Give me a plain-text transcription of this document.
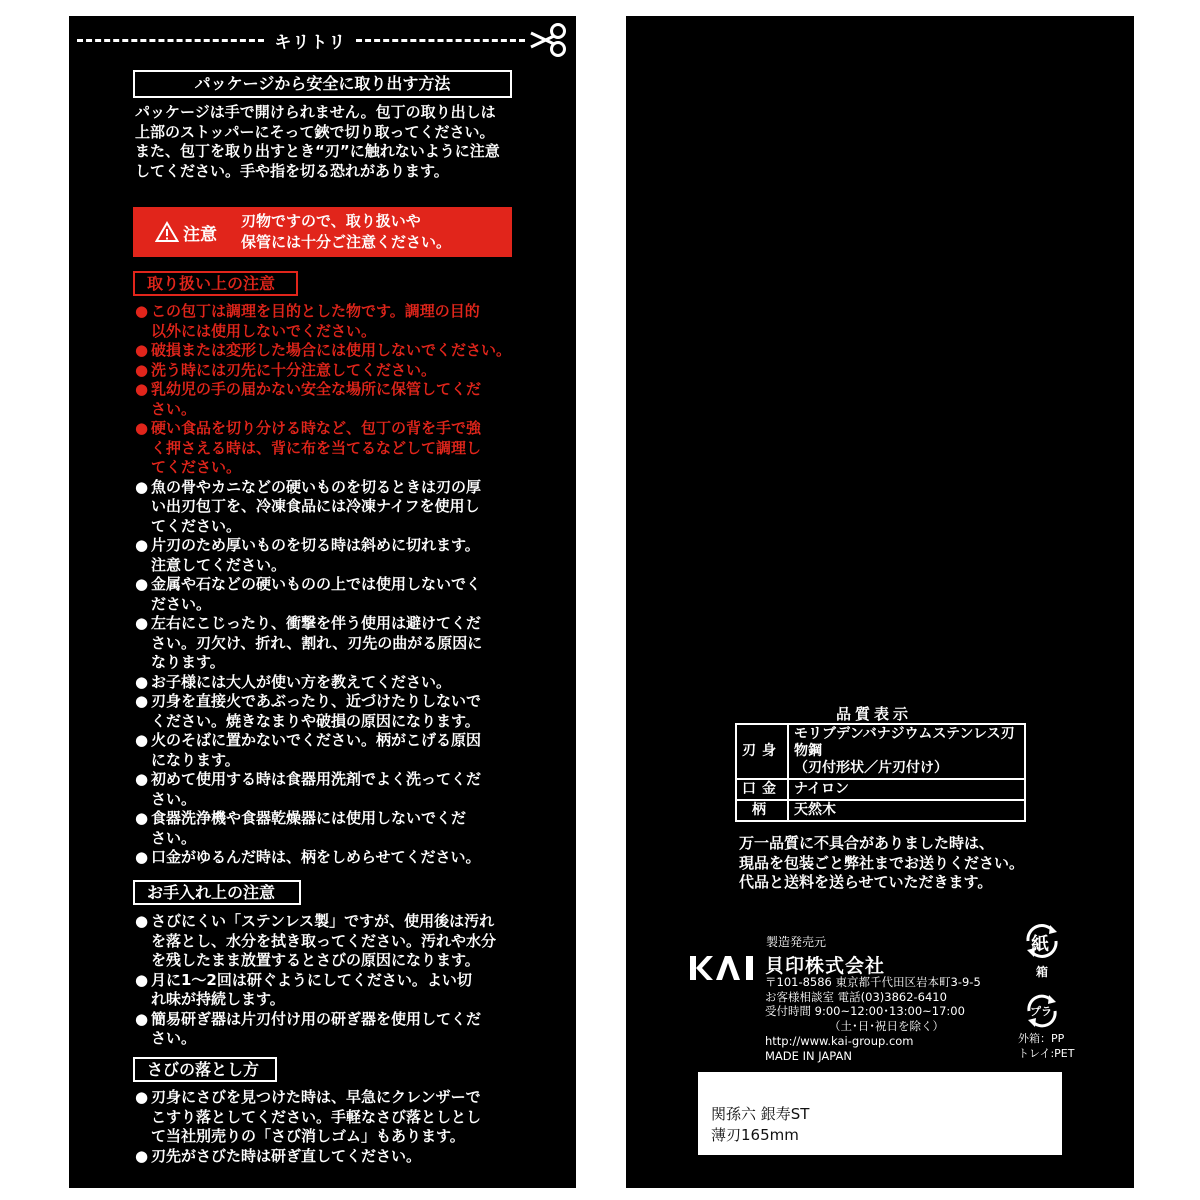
キリトリ
パッケージから安全に取り出す方法
パッケージは手で開けられません。包丁の取り出しは
上部のストッパーにそって鋏で切り取ってください。
また、包丁を取り出すとき“刃”に触れないように注意
してください。手や指を切る恐れがあります。
注意
刃物ですので、取り扱いや
保管には十分ご注意ください。
取り扱い上の注意
● この包丁は調理を目的とした物です。調理の目的
以外には使用しないでください。
● 破損または変形した場合には使用しないでください。
● 洗う時には刃先に十分注意してください。
● 乳幼児の手の届かない安全な場所に保管してくだ
さい。
● 硬い食品を切り分ける時など、包丁の背を手で強
く押さえる時は、背に布を当てるなどして調理し
てください。
● 魚の骨やカニなどの硬いものを切るときは刃の厚
い出刃包丁を、冷凍食品には冷凍ナイフを使用し
てください。
● 片刃のため厚いものを切る時は斜めに切れます。
注意してください。
● 金属や石などの硬いものの上では使用しないでく
ださい。
● 左右にこじったり、衝撃を伴う使用は避けてくだ
さい。刃欠け、折れ、割れ、刃先の曲がる原因に
なります。
● お子様には大人が使い方を教えてください。
● 刃身を直接火であぶったり、近づけたりしないで
ください。焼きなまりや破損の原因になります。
● 火のそばに置かないでください。柄がこげる原因
になります。
● 初めて使用する時は食器用洗剤でよく洗ってくだ
さい。
● 食器洗浄機や食器乾燥器には使用しないでくだ
さい。
● 口金がゆるんだ時は、柄をしめらせてください。
お手入れ上の注意
● さびにくい「ステンレス製」ですが、使用後は汚れ
を落とし、水分を拭き取ってください。汚れや水分
を残したまま放置するとさびの原因になります。
● 月に1～2回は研ぐようにしてください。よい切
れ味が持続します。
● 簡易研ぎ器は片刃付け用の研ぎ器を使用してくだ
さい。
さびの落とし方
● 刃身にさびを見つけた時は、早急にクレンザーで
こすり落としてください。手軽なさび落としとし
て当社別売りの「さび消しゴム」もあります。
● 刃先がさびた時は研ぎ直してください。
品質表示
刃身	モリブデンバナジウムステンレス刃物鋼
（刃付形状／片刃付け）
口金	ナイロン
柄	天然木
万一品質に不具合がありました時は、
現品を包装ごと弊社までお送りください。
代品と送料を送らせていただきます。
製造発売元
貝印株式会社
〒101-8586 東京都千代田区岩本町3-9-5
お客様相談室 電話(03)3862-6410
受付時間 9:00~12:00･13:00~17:00
（土･日･祝日を除く）
http://www.kai-group.com
MADE IN JAPAN
紙
箱
プラ
外箱：PP
トレイ:PET
関孫六 銀寿ST
薄刃165mm
